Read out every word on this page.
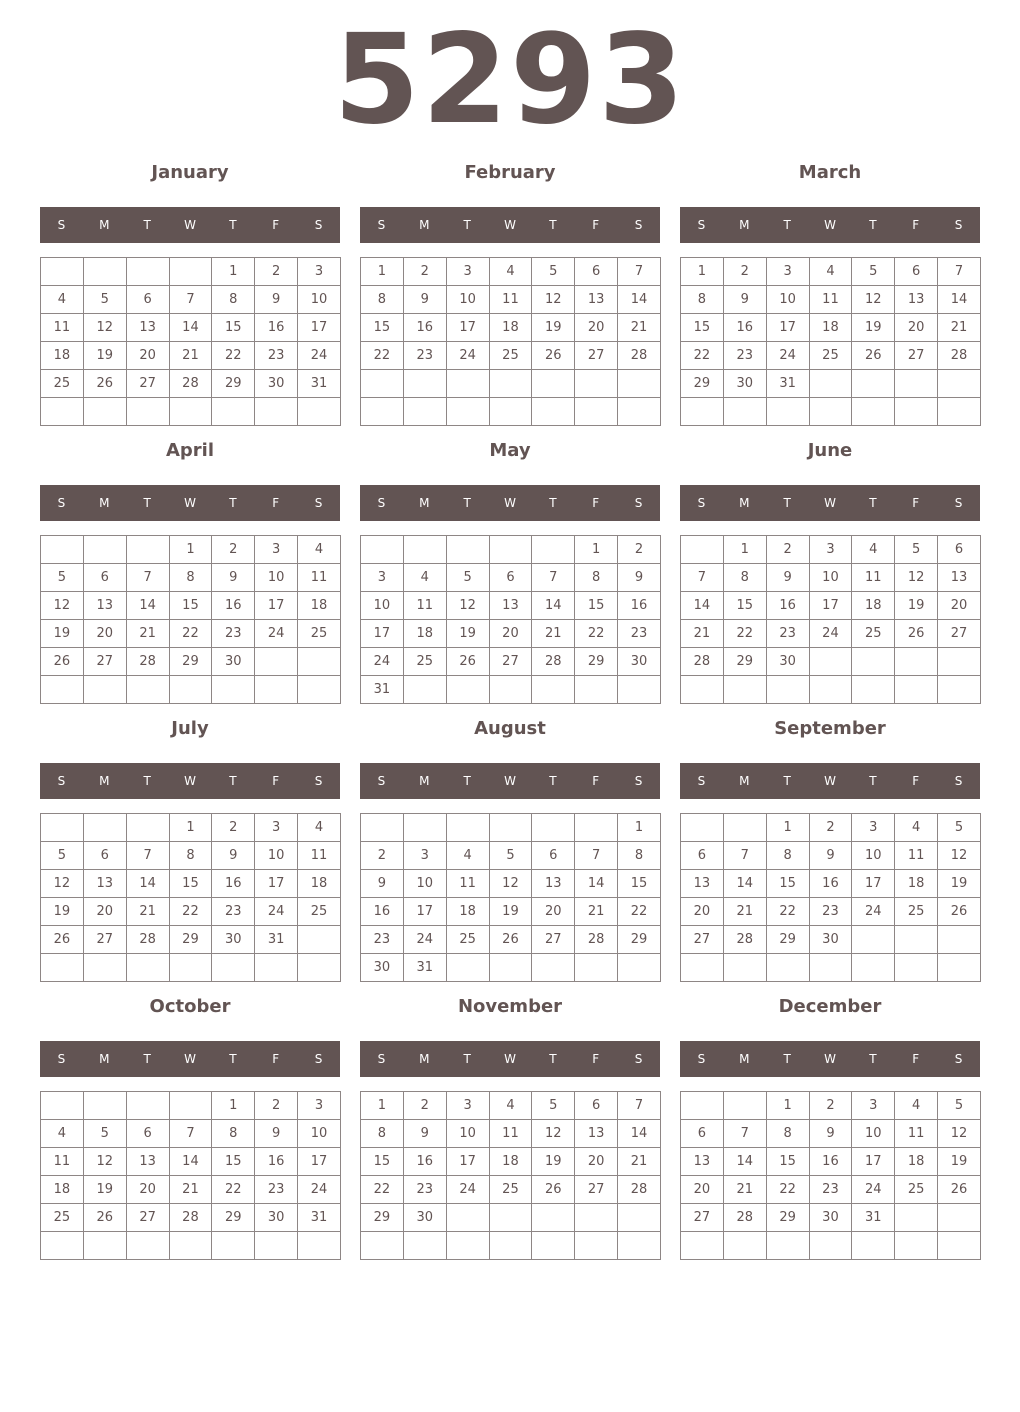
5293
January
S	M	T	W	T	F	S
				1	2	3
4	5	6	7	8	9	10
11	12	13	14	15	16	17
18	19	20	21	22	23	24
25	26	27	28	29	30	31

February
S	M	T	W	T	F	S
1	2	3	4	5	6	7
8	9	10	11	12	13	14
15	16	17	18	19	20	21
22	23	24	25	26	27	28

March
S	M	T	W	T	F	S
1	2	3	4	5	6	7
8	9	10	11	12	13	14
15	16	17	18	19	20	21
22	23	24	25	26	27	28
29	30	31				

April
S	M	T	W	T	F	S
			1	2	3	4
5	6	7	8	9	10	11
12	13	14	15	16	17	18
19	20	21	22	23	24	25
26	27	28	29	30		

May
S	M	T	W	T	F	S
					1	2
3	4	5	6	7	8	9
10	11	12	13	14	15	16
17	18	19	20	21	22	23
24	25	26	27	28	29	30
31						
June
S	M	T	W	T	F	S
	1	2	3	4	5	6
7	8	9	10	11	12	13
14	15	16	17	18	19	20
21	22	23	24	25	26	27
28	29	30				

July
S	M	T	W	T	F	S
			1	2	3	4
5	6	7	8	9	10	11
12	13	14	15	16	17	18
19	20	21	22	23	24	25
26	27	28	29	30	31	

August
S	M	T	W	T	F	S
						1
2	3	4	5	6	7	8
9	10	11	12	13	14	15
16	17	18	19	20	21	22
23	24	25	26	27	28	29
30	31					
September
S	M	T	W	T	F	S
		1	2	3	4	5
6	7	8	9	10	11	12
13	14	15	16	17	18	19
20	21	22	23	24	25	26
27	28	29	30			

October
S	M	T	W	T	F	S
				1	2	3
4	5	6	7	8	9	10
11	12	13	14	15	16	17
18	19	20	21	22	23	24
25	26	27	28	29	30	31

November
S	M	T	W	T	F	S
1	2	3	4	5	6	7
8	9	10	11	12	13	14
15	16	17	18	19	20	21
22	23	24	25	26	27	28
29	30					

December
S	M	T	W	T	F	S
		1	2	3	4	5
6	7	8	9	10	11	12
13	14	15	16	17	18	19
20	21	22	23	24	25	26
27	28	29	30	31		
